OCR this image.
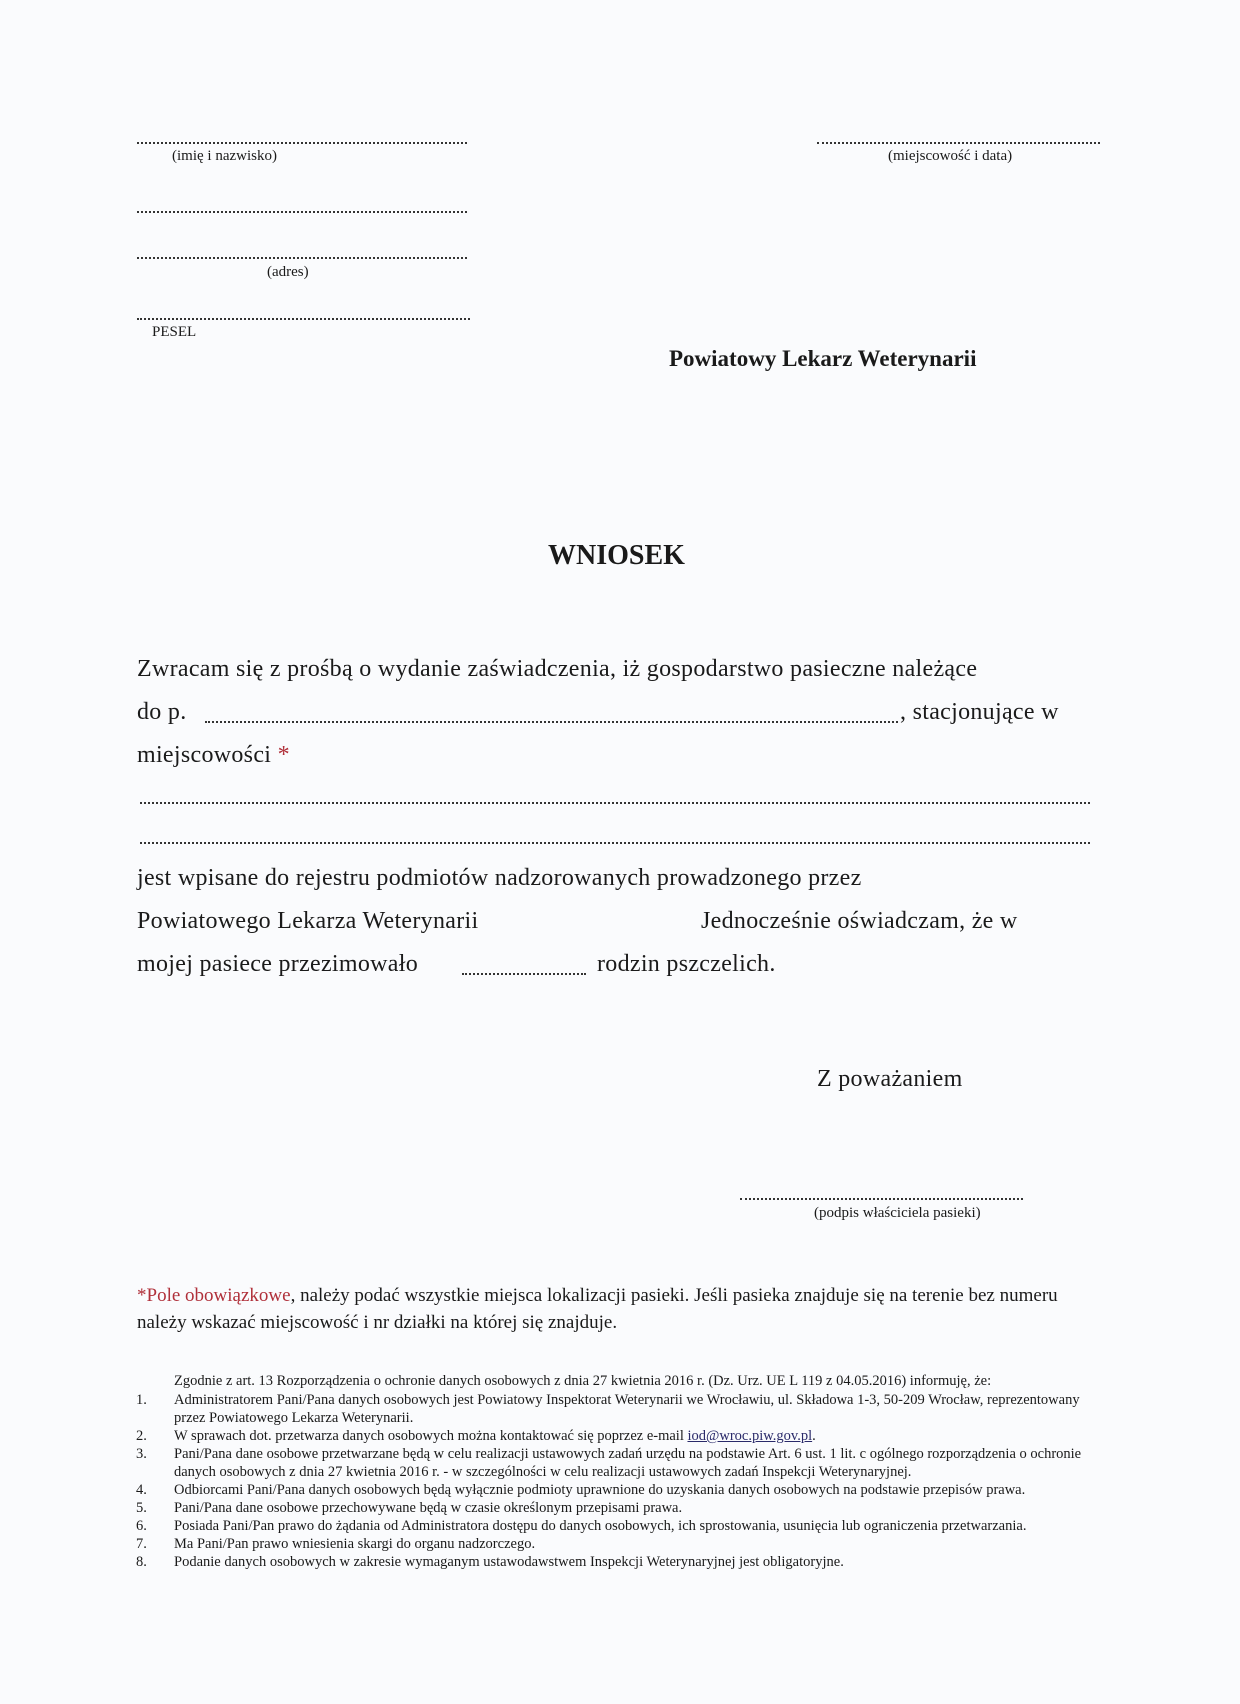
(imię i nazwisko)	(miejscowość i data)
(adres)
PESEL
Powiatowy Lekarz Weterynarii
WNIOSEK
Zwracam się z prośbą o wydanie zaświadczenia, iż gospodarstwo pasieczne należące
do p.	, stacjonujące w
miejscowości *
jest wpisane do rejestru podmiotów nadzorowanych prowadzonego przez
Powiatowego Lekarza Weterynarii	Jednocześnie oświadczam, że w
mojej pasiece przezimowało	rodzin pszczelich.
Z poważaniem
(podpis właściciela pasieki)
*Pole obowiązkowe, należy podać wszystkie miejsca lokalizacji pasieki. Jeśli pasieka znajduje się na terenie bez numeru należy wskazać miejscowość i nr działki na której się znajduje.
Zgodnie z art. 13 Rozporządzenia o ochronie danych osobowych z dnia 27 kwietnia 2016 r. (Dz. Urz. UE L 119 z 04.05.2016) informuję, że:
1. Administratorem Pani/Pana danych osobowych jest Powiatowy Inspektorat Weterynarii we Wrocławiu, ul. Składowa 1-3, 50-209 Wrocław, reprezentowany przez Powiatowego Lekarza Weterynarii.
2. W sprawach dot. przetwarza danych osobowych można kontaktować się poprzez e-mail iod@wroc.piw.gov.pl.
3. Pani/Pana dane osobowe przetwarzane będą w celu realizacji ustawowych zadań urzędu na podstawie Art. 6 ust. 1 lit. c ogólnego rozporządzenia o ochronie danych osobowych z dnia 27 kwietnia 2016 r. - w szczególności w celu realizacji ustawowych zadań Inspekcji Weterynaryjnej.
4. Odbiorcami Pani/Pana danych osobowych będą wyłącznie podmioty uprawnione do uzyskania danych osobowych na podstawie przepisów prawa.
5. Pani/Pana dane osobowe przechowywane będą w czasie określonym przepisami prawa.
6. Posiada Pani/Pan prawo do żądania od Administratora dostępu do danych osobowych, ich sprostowania, usunięcia lub ograniczenia przetwarzania.
7. Ma Pani/Pan prawo wniesienia skargi do organu nadzorczego.
8. Podanie danych osobowych w zakresie wymaganym ustawodawstwem Inspekcji Weterynaryjnej jest obligatoryjne.
